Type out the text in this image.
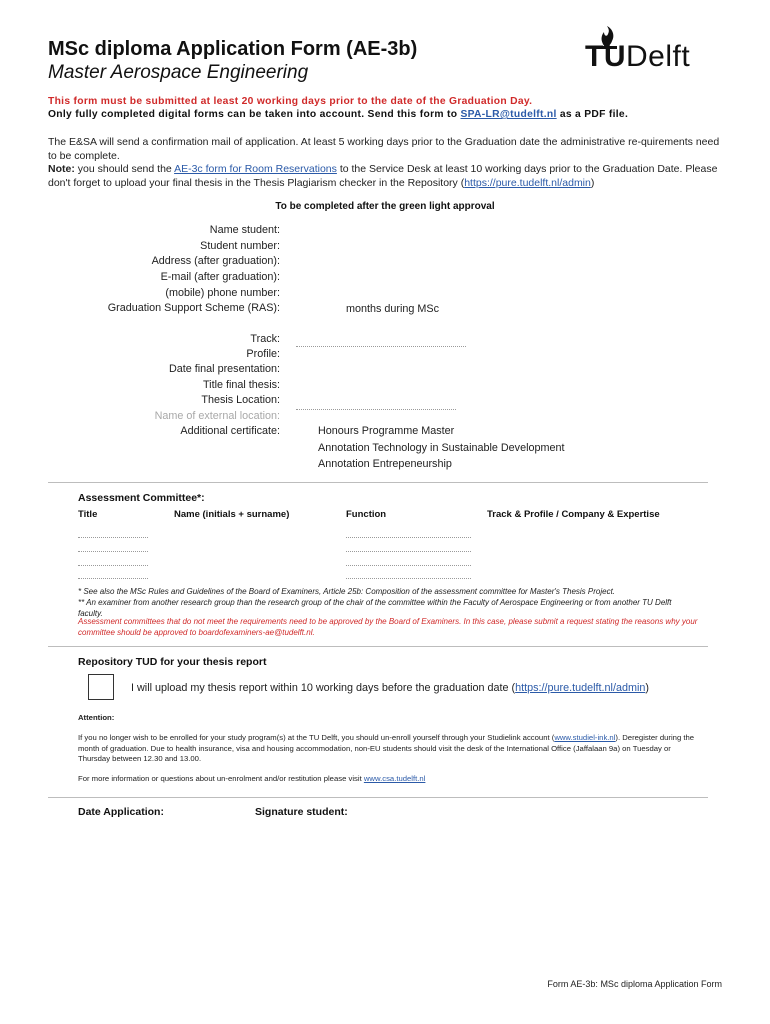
MSc diploma Application Form (AE-3b)
Master Aerospace Engineering	TUDelft
This form must be submitted at least 20 working days prior to the date of the Graduation Day.
Only fully completed digital forms can be taken into account. Send this form to SPA-LR@tudelft.nl as a PDF file.
The E&SA will send a confirmation mail of application. At least 5 working days prior to the Graduation date the administrative re-quirements need to be complete.
Note: you should send the AE-3c form for Room Reservations to the Service Desk at least 10 working days prior to the Graduation Date. Please don't forget to upload your final thesis in the Thesis Plagiarism checker in the Repository (https://pure.tudelft.nl/admin)
To be completed after the green light approval
Name student:
Student number:
Address (after graduation):
E-mail (after graduation):
(mobile) phone number:
Graduation Support Scheme (RAS):	months during MSc
Track:
Profile:
Date final presentation:
Title final thesis:
Thesis Location:
Name of external location:
Additional certificate:	Honours Programme Master
Annotation Technology in Sustainable Development
Annotation Entrepeneurship
Assessment Committee*:
Title	Name (initials + surname)	Function	Track & Profile / Company & Expertise
* See also the MSc Rules and Guidelines of the Board of Examiners, Article 25b: Composition of the assessment committee for Master's Thesis Project.
** An examiner from another research group than the research group of the chair of the committee within the Faculty of Aerospace Engineering or from another TU Delft faculty.
Assessment committees that do not meet the requirements need to be approved by the Board of Examiners. In this case, please submit a request stating the reasons why your committee should be approved to boardofexaminers-ae@tudelft.nl.
Repository TUD for your thesis report
I will upload my thesis report within 10 working days before the graduation date (https://pure.tudelft.nl/admin)
Attention:
If you no longer wish to be enrolled for your study program(s) at the TU Delft, you should un-enroll yourself through your Studielink account (www.studiel-ink.nl). Deregister during the month of graduation. Due to health insurance, visa and housing accommodation, non-EU students should visit the desk of the International Office (Jaffalaan 9a) on Tuesday or Thursday between 12.30 and 13.00.
For more information or questions about un-enrolment and/or restitution please visit www.csa.tudelft.nl
Date Application:	Signature student:
Form AE-3b: MSc diploma Application Form
